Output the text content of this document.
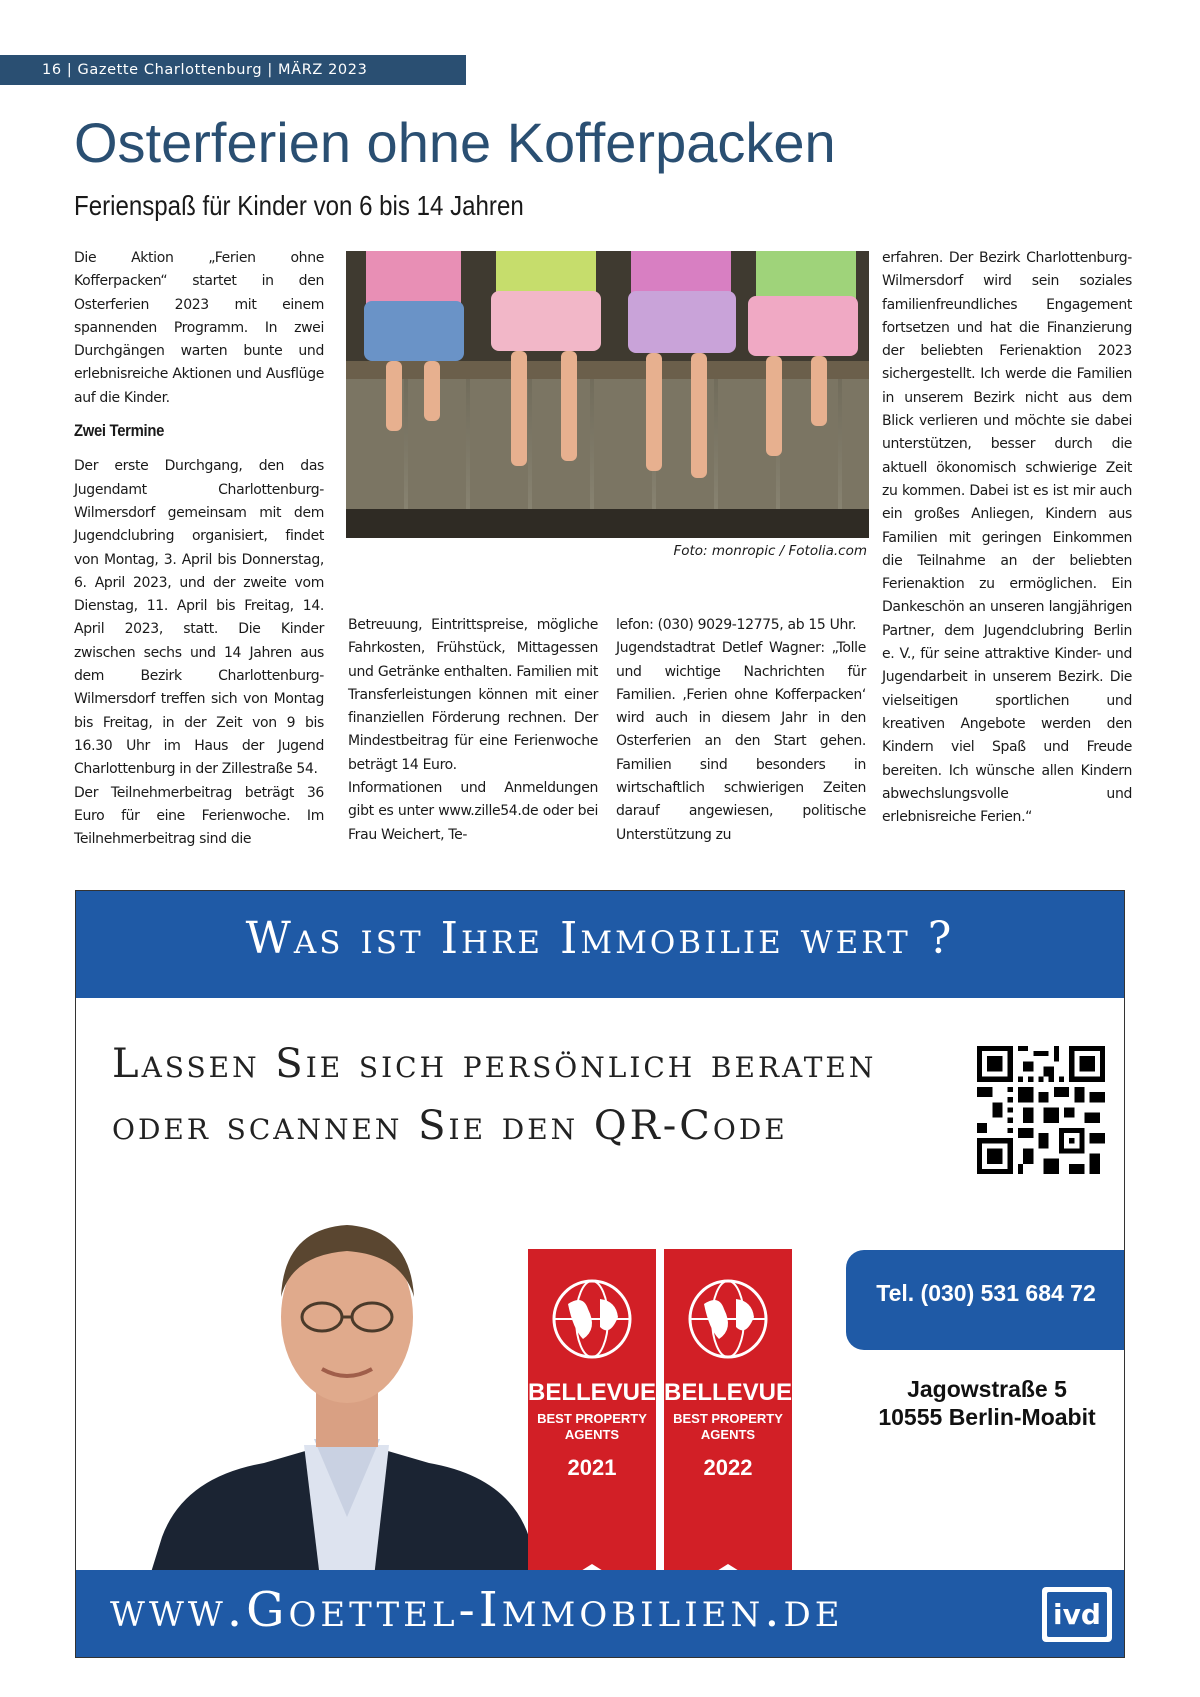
16 | Gazette Charlottenburg | MÄRZ 2023
Osterferien ohne Kofferpacken
Ferienspaß für Kinder von 6 bis 14 Jahren

Die Aktion „Ferien ohne Kofferpacken“ startet in den Osterferien 2023 mit einem spannenden Programm. In zwei Durchgängen warten bunte und erlebnisreiche Aktionen und Ausflüge auf die Kinder.

Zwei Termine

Der erste Durchgang, den das Jugendamt Charlottenburg-Wilmersdorf gemeinsam mit dem Jugendclubring organisiert, findet von Montag, 3. April bis Donnerstag, 6. April 2023, und der zweite vom Dienstag, 11. April bis Freitag, 14. April 2023, statt. Die Kinder zwischen sechs und 14 Jahren aus dem Bezirk Charlottenburg-Wilmersdorf treffen sich von Montag bis Freitag, in der Zeit von 9 bis 16.30 Uhr im Haus der Jugend Charlottenburg in der Zillestraße 54.

Der Teilnehmerbeitrag beträgt 36 Euro für eine Ferienwoche. Im Teilnehmerbeitrag sind die

Foto: monropic / Fotolia.com

Betreuung, Eintrittspreise, mögliche Fahrkosten, Frühstück, Mittagessen und Getränke enthalten. Familien mit Transferleistungen können mit einer finanziellen Förderung rechnen. Der Mindestbeitrag für eine Ferienwoche beträgt 14 Euro.

Informationen und Anmeldungen gibt es unter www.zille54.de oder bei Frau Weichert, Te-

lefon: (030) 9029-12775, ab 15 Uhr.

Jugendstadtrat Detlef Wagner: „Tolle und wichtige Nachrichten für Familien. ‚Ferien ohne Kofferpacken‘ wird auch in diesem Jahr in den Osterferien an den Start gehen. Familien sind besonders in wirtschaftlich schwierigen Zeiten darauf angewiesen, politische Unterstützung zu

erfahren. Der Bezirk Charlottenburg-Wilmersdorf wird sein soziales familienfreundliches Engagement fortsetzen und hat die Finanzierung der beliebten Ferienaktion 2023 sichergestellt. Ich werde die Familien in unserem Bezirk nicht aus dem Blick verlieren und möchte sie dabei unterstützen, besser durch die aktuell ökonomisch schwierige Zeit zu kommen. Dabei ist es ist mir auch ein großes Anliegen, Kindern aus Familien mit geringen Einkommen die Teilnahme an der beliebten Ferienaktion zu ermöglichen. Ein Dankeschön an unseren langjährigen Partner, dem Jugendclubring Berlin e. V., für seine attraktive Kinder- und Jugendarbeit in unserem Bezirk. Die vielseitigen sportlichen und kreativen Angebote werden den Kindern viel Spaß und Freude bereiten. Ich wünsche allen Kindern abwechslungsvolle und erlebnisreiche Ferien.“

Was ist Ihre Immobilie wert ?
Lassen Sie sich persönlich beraten
oder scannen Sie den QR-Code
BELLEVUE
BEST PROPERTY
AGENTS
2021
BELLEVUE
BEST PROPERTY
AGENTS
2022
Tel. (030) 531 684 72
Jagowstraße 5
10555 Berlin-Moabit
www.Goettel-Immobilien.de	ivd
